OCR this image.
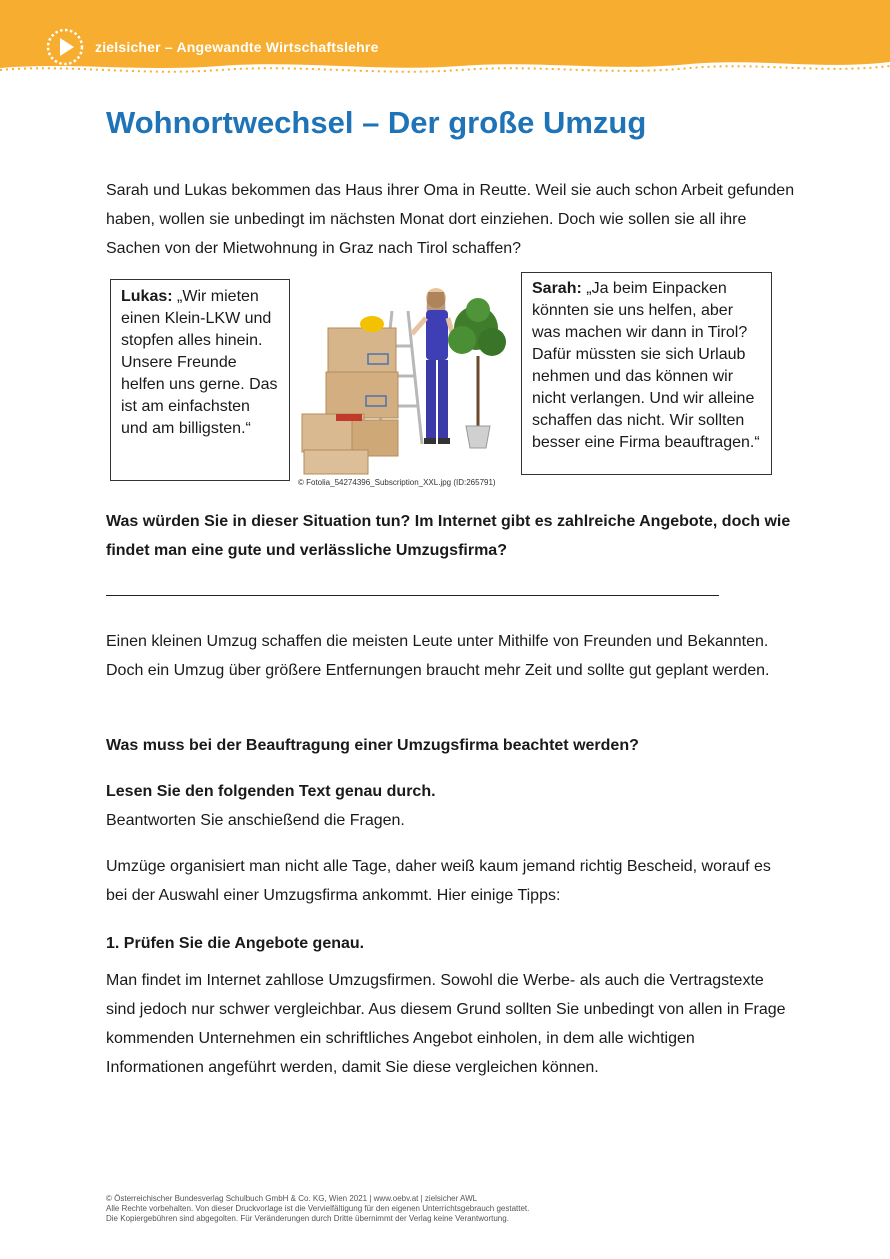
zielsicher – Angewandte Wirtschaftslehre
Wohnortwechsel – Der große Umzug

Sarah und Lukas bekommen das Haus ihrer Oma in Reutte. Weil sie auch schon Arbeit gefunden haben, wollen sie unbedingt im nächsten Monat dort einziehen. Doch wie sollen sie all ihre Sachen von der Mietwohnung in Graz nach Tirol schaffen?

Lukas: „Wir mieten einen Klein-LKW und stopfen alles hinein. Unsere Freunde helfen uns gerne. Das ist am einfachsten und am billigsten.“
© Fotolia_54274396_Subscription_XXL.jpg (ID:265791)
Sarah: „Ja beim Einpacken könnten sie uns helfen, aber was machen wir dann in Tirol? Dafür müssten sie sich Urlaub nehmen und das können wir nicht verlangen. Und wir alleine schaffen das nicht. Wir sollten besser eine Firma beauftragen.“

Was würden Sie in dieser Situation tun? Im Internet gibt es zahlreiche Angebote, doch wie findet man eine gute und verlässliche Umzugsfirma?

Einen kleinen Umzug schaffen die meisten Leute unter Mithilfe von Freunden und Bekannten. Doch ein Umzug über größere Entfernungen braucht mehr Zeit und sollte gut geplant werden.

Was muss bei der Beauftragung einer Umzugsfirma beachtet werden?

Lesen Sie den folgenden Text genau durch.

Beantworten Sie anschießend die Fragen.

Umzüge organisiert man nicht alle Tage, daher weiß kaum jemand richtig Bescheid, worauf es bei der Auswahl einer Umzugsfirma ankommt. Hier einige Tipps:

1. Prüfen Sie die Angebote genau.

Man findet im Internet zahllose Umzugsfirmen. Sowohl die Werbe- als auch die Vertragstexte sind jedoch nur schwer vergleichbar. Aus diesem Grund sollten Sie unbedingt von allen in Frage kommenden Unternehmen ein schriftliches Angebot einholen, in dem alle wichtigen Informationen angeführt werden, damit Sie diese vergleichen können.

© Österreichischer Bundesverlag Schulbuch GmbH & Co. KG, Wien 2021 | www.oebv.at | zielsicher AWL
Alle Rechte vorbehalten. Von dieser Druckvorlage ist die Vervielfältigung für den eigenen Unterrichtsgebrauch gestattet.
Die Kopiergebühren sind abgegolten. Für Veränderungen durch Dritte übernimmt der Verlag keine Verantwortung.
